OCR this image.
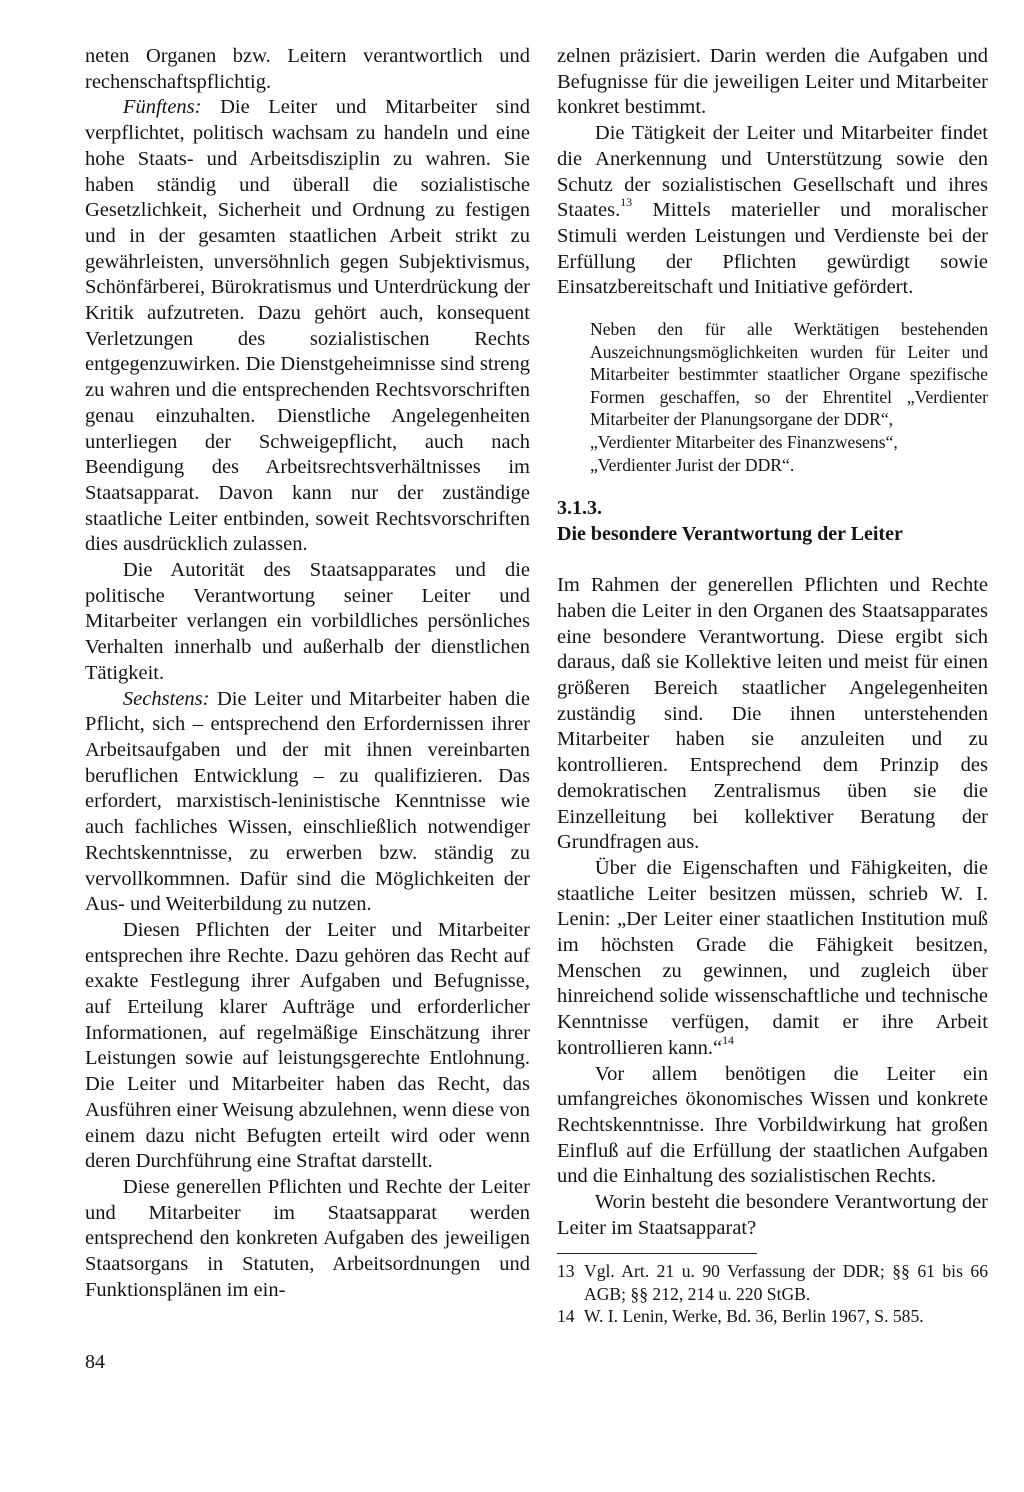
neten Organen bzw. Leitern verantwortlich und rechenschaftspflichtig.

Fünftens: Die Leiter und Mitarbeiter sind verpflichtet, politisch wachsam zu handeln und eine hohe Staats- und Arbeitsdisziplin zu wahren. Sie haben ständig und überall die sozialistische Gesetzlichkeit, Sicherheit und Ordnung zu festigen und in der gesamten staatlichen Arbeit strikt zu gewährleisten, unversöhnlich gegen Subjektivismus, Schönfärberei, Bürokratismus und Unterdrückung der Kritik aufzutreten. Dazu gehört auch, konsequent Verletzungen des sozialistischen Rechts entgegenzuwirken. Die Dienstgeheimnisse sind streng zu wahren und die entsprechenden Rechtsvorschriften genau einzuhalten. Dienstliche Angelegenheiten unterliegen der Schweigepflicht, auch nach Beendigung des Arbeitsrechtsverhältnisses im Staatsapparat. Davon kann nur der zuständige staatliche Leiter entbinden, soweit Rechtsvorschriften dies ausdrücklich zulassen.

Die Autorität des Staatsapparates und die politische Verantwortung seiner Leiter und Mitarbeiter verlangen ein vorbildliches persönliches Verhalten innerhalb und außerhalb der dienstlichen Tätigkeit.

Sechstens: Die Leiter und Mitarbeiter haben die Pflicht, sich – entsprechend den Erfordernissen ihrer Arbeitsaufgaben und der mit ihnen vereinbarten beruflichen Entwicklung – zu qualifizieren. Das erfordert, marxistisch-leninistische Kenntnisse wie auch fachliches Wissen, einschließlich notwendiger Rechtskenntnisse, zu erwerben bzw. ständig zu vervollkommnen. Dafür sind die Möglichkeiten der Aus- und Weiterbildung zu nutzen.

Diesen Pflichten der Leiter und Mitarbeiter entsprechen ihre Rechte. Dazu gehören das Recht auf exakte Festlegung ihrer Aufgaben und Befugnisse, auf Erteilung klarer Aufträge und erforderlicher Informationen, auf regelmäßige Einschätzung ihrer Leistungen sowie auf leistungsgerechte Entlohnung. Die Leiter und Mitarbeiter haben das Recht, das Ausführen einer Weisung abzulehnen, wenn diese von einem dazu nicht Befugten erteilt wird oder wenn deren Durchführung eine Straftat darstellt.

Diese generellen Pflichten und Rechte der Leiter und Mitarbeiter im Staatsapparat werden entsprechend den konkreten Aufgaben des jeweiligen Staatsorgans in Statuten, Arbeitsordnungen und Funktionsplänen im ein-

zelnen präzisiert. Darin werden die Aufgaben und Befugnisse für die jeweiligen Leiter und Mitarbeiter konkret bestimmt.

Die Tätigkeit der Leiter und Mitarbeiter findet die Anerkennung und Unterstützung sowie den Schutz der sozialistischen Gesellschaft und ihres Staates.$^{13}$ Mittels materieller und moralischer Stimuli werden Leistungen und Verdienste bei der Erfüllung der Pflichten gewürdigt sowie Einsatzbereitschaft und Initiative gefördert.

Neben den für alle Werktätigen bestehenden Auszeichnungsmöglichkeiten wurden für Leiter und Mitarbeiter bestimmter staatlicher Organe spezifische Formen geschaffen, so der Ehrentitel „Verdienter Mitarbeiter der Planungsorgane der DDR“,

„Verdienter Mitarbeiter des Finanzwesens“,

„Verdienter Jurist der DDR“.

3.1.3.
Die besondere Verantwortung der Leiter

Im Rahmen der generellen Pflichten und Rechte haben die Leiter in den Organen des Staatsapparates eine besondere Verantwortung. Diese ergibt sich daraus, daß sie Kollektive leiten und meist für einen größeren Bereich staatlicher Angelegenheiten zuständig sind. Die ihnen unterstehenden Mitarbeiter haben sie anzuleiten und zu kontrollieren. Entsprechend dem Prinzip des demokratischen Zentralismus üben sie die Einzelleitung bei kollektiver Beratung der Grundfragen aus.

Über die Eigenschaften und Fähigkeiten, die staatliche Leiter besitzen müssen, schrieb W. I. Lenin: „Der Leiter einer staatlichen Institution muß im höchsten Grade die Fähigkeit besitzen, Menschen zu gewinnen, und zugleich über hinreichend solide wissenschaftliche und technische Kenntnisse verfügen, damit er ihre Arbeit kontrollieren kann.“$^{14}$

Vor allem benötigen die Leiter ein umfangreiches ökonomisches Wissen und konkrete Rechtskenntnisse. Ihre Vorbildwirkung hat großen Einfluß auf die Erfüllung der staatlichen Aufgaben und die Einhaltung des sozialistischen Rechts.

Worin besteht die besondere Verantwortung der Leiter im Staatsapparat?

13 Vgl. Art. 21 u. 90 Verfassung der DDR; §§ 61 bis 66 AGB; §§ 212, 214 u. 220 StGB.

14 W. I. Lenin, Werke, Bd. 36, Berlin 1967, S. 585.

84
